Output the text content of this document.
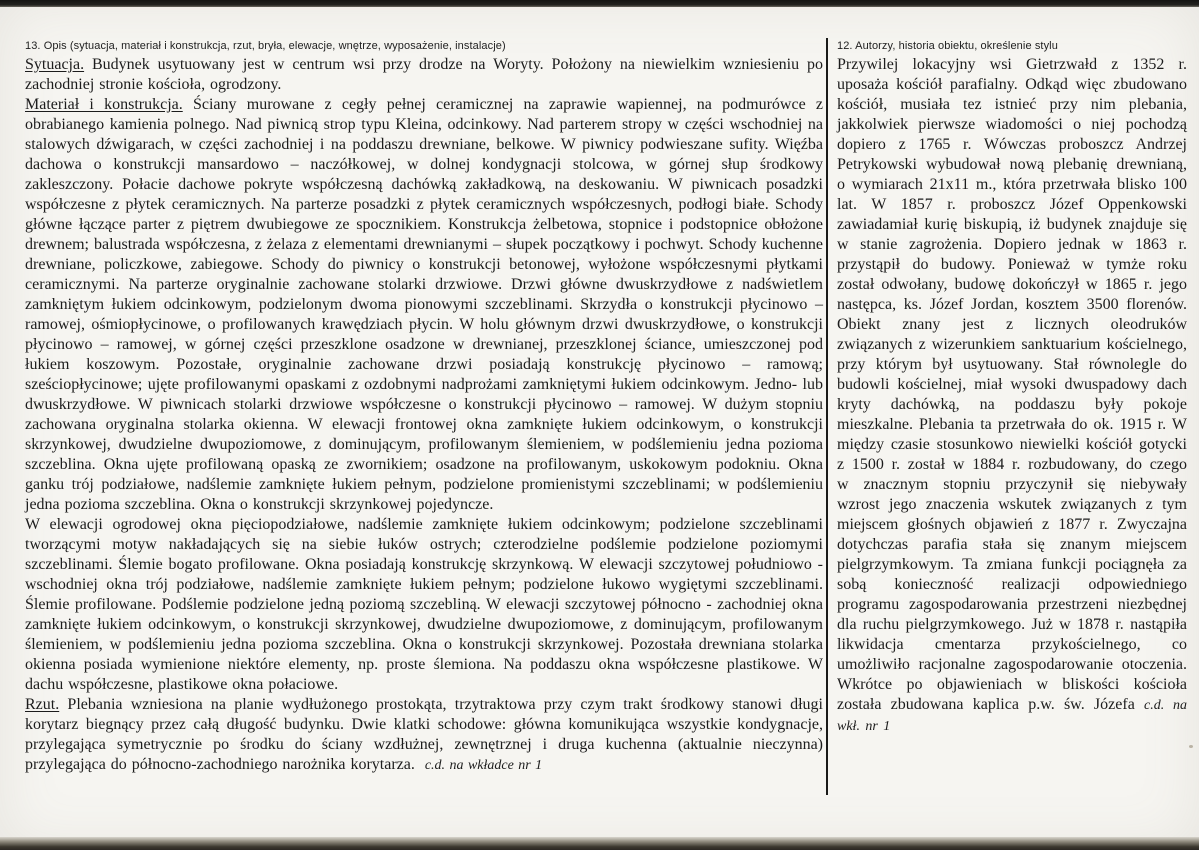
13. Opis (sytuacja, materiał i konstrukcja, rzut, bryła, elewacje, wnętrze, wyposażenie, instalacje)

Sytuacja. Budynek usytuowany jest w centrum wsi przy drodze na Woryty. Położony na niewielkim wzniesieniu po zachodniej stronie kościoła, ogrodzony.

Materiał i konstrukcja. Ściany murowane z cegły pełnej ceramicznej na zaprawie wapiennej, na podmurówce z obrabianego kamienia polnego. Nad piwnicą strop typu Kleina, odcinkowy. Nad parterem stropy w części wschodniej na stalowych dźwigarach, w części zachodniej i na poddaszu drewniane, belkowe. W piwnicy podwieszane sufity. Więźba dachowa o konstrukcji mansardowo – naczółkowej, w dolnej kondygnacji stolcowa, w górnej słup środkowy zakleszczony. Połacie dachowe pokryte współczesną dachówką zakładkową, na deskowaniu. W piwnicach posadzki współczesne z płytek ceramicznych. Na parterze posadzki z płytek ceramicznych współczesnych, podłogi białe. Schody główne łączące parter z piętrem dwubiegowe ze spocznikiem. Konstrukcja żelbetowa, stopnice i podstopnice obłożone drewnem; balustrada współczesna, z żelaza z elementami drewnianymi – słupek początkowy i pochwyt. Schody kuchenne drewniane, policzkowe, zabiegowe. Schody do piwnicy o konstrukcji betonowej, wyłożone współczesnymi płytkami ceramicznymi. Na parterze oryginalnie zachowane stolarki drzwiowe. Drzwi główne dwuskrzydłowe z nadświetlem zamkniętym łukiem odcinkowym, podzielonym dwoma pionowymi szczeblinami. Skrzydła o konstrukcji płycinowo – ramowej, ośmiopłycinowe, o profilowanych krawędziach płycin. W holu głównym drzwi dwuskrzydłowe, o konstrukcji płycinowo – ramowej, w górnej części przeszklone osadzone w drewnianej, przeszklonej ściance, umieszczonej pod łukiem koszowym. Pozostałe, oryginalnie zachowane drzwi posiadają konstrukcję płycinowo – ramową; sześciopłycinowe; ujęte profilowanymi opaskami z ozdobnymi nadprożami zamkniętymi łukiem odcinkowym. Jedno- lub dwuskrzydłowe. W piwnicach stolarki drzwiowe współczesne o konstrukcji płycinowo – ramowej. W dużym stopniu zachowana oryginalna stolarka okienna. W elewacji frontowej okna zamknięte łukiem odcinkowym, o konstrukcji skrzynkowej, dwudzielne dwupoziomowe, z dominującym, profilowanym ślemieniem, w podślemieniu jedna pozioma szczeblina. Okna ujęte profilowaną opaską ze zwornikiem; osadzone na profilowanym, uskokowym podokniu. Okna ganku trój podziałowe, nadślemie zamknięte łukiem pełnym, podzielone promienistymi szczeblinami; w podślemieniu jedna pozioma szczeblina. Okna o konstrukcji skrzynkowej pojedyncze.

W elewacji ogrodowej okna pięciopodziałowe, nadślemie zamknięte łukiem odcinkowym; podzielone szczeblinami tworzącymi motyw nakładających się na siebie łuków ostrych; czterodzielne podślemie podzielone poziomymi szczeblinami. Ślemie bogato profilowane. Okna posiadają konstrukcję skrzynkową. W elewacji szczytowej południowo - wschodniej okna trój podziałowe, nadślemie zamknięte łukiem pełnym; podzielone łukowo wygiętymi szczeblinami. Ślemie profilowane. Podślemie podzielone jedną poziomą szczebliną. W elewacji szczytowej północno - zachodniej okna zamknięte łukiem odcinkowym, o konstrukcji skrzynkowej, dwudzielne dwupoziomowe, z dominującym, profilowanym ślemieniem, w podślemieniu jedna pozioma szczeblina. Okna o konstrukcji skrzynkowej. Pozostała drewniana stolarka okienna posiada wymienione niektóre elementy, np. proste ślemiona. Na poddaszu okna współczesne plastikowe. W dachu współczesne, plastikowe okna połaciowe.

Rzut. Plebania wzniesiona na planie wydłużonego prostokąta, trzytraktowa przy czym trakt środkowy stanowi długi korytarz biegnący przez całą długość budynku. Dwie klatki schodowe: główna komunikująca wszystkie kondygnacje, przylegająca symetrycznie po środku do ściany wzdłużnej, zewnętrznej i druga kuchenna (aktualnie nieczynna) przylegająca do północno-zachodniego narożnika korytarza. c.d. na wkładce nr 1

12. Autorzy, historia obiektu, określenie stylu

Przywilej lokacyjny wsi Gietrzwałd z 1352 r. uposaża kościół parafialny. Odkąd więc zbudowano kościół, musiała tez istnieć przy nim plebania, jakkolwiek pierwsze wiadomości o niej pochodzą dopiero z 1765 r. Wówczas proboszcz Andrzej Petrykowski wybudował nową plebanię drewnianą, o wymiarach 21x11 m., która przetrwała blisko 100 lat. W 1857 r. proboszcz Józef Oppenkowski zawiadamiał kurię biskupią, iż budynek znajduje się w stanie zagrożenia. Dopiero jednak w 1863 r. przystąpił do budowy. Ponieważ w tymże roku został odwołany, budowę dokończył w 1865 r. jego następca, ks. Józef Jordan, kosztem 3500 florenów. Obiekt znany jest z licznych oleodruków związanych z wizerunkiem sanktuarium kościelnego, przy którym był usytuowany. Stał równolegle do budowli kościelnej, miał wysoki dwuspadowy dach kryty dachówką, na poddaszu były pokoje mieszkalne. Plebania ta przetrwała do ok. 1915 r. W między czasie stosunkowo niewielki kościół gotycki z 1500 r. został w 1884 r. rozbudowany, do czego w znacznym stopniu przyczynił się niebywały wzrost jego znaczenia wskutek związanych z tym miejscem głośnych objawień z 1877 r. Zwyczajna dotychczas parafia stała się znanym miejscem pielgrzymkowym. Ta zmiana funkcji pociągnęła za sobą konieczność realizacji odpowiedniego programu zagospodarowania przestrzeni niezbędnej dla ruchu pielgrzymkowego. Już w 1878 r. nastąpiła likwidacja cmentarza przykościelnego, co umożliwiło racjonalne zagospodarowanie otoczenia. Wkrótce po objawieniach w bliskości kościoła została zbudowana kaplica p.w. św. Józefa c.d. na wkł. nr 1
